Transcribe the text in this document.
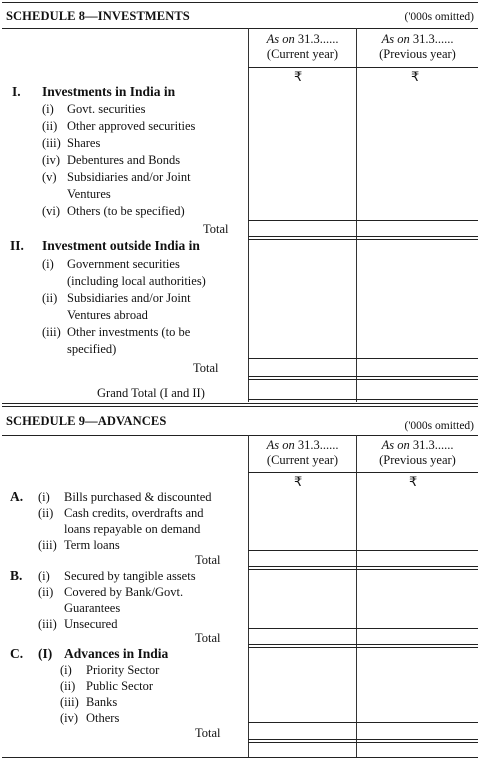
SCHEDULE 8—INVESTMENTS	('000s omitted)
As on 31.3......
(Current year)
As on 31.3......
(Previous year)
₹	₹
I. Investments in India in
(i) Govt. securities
(ii) Other approved securities
(iii) Shares
(iv) Debentures and Bonds
(v) Subsidiaries and/or Joint
Ventures
(vi) Others (to be specified)
Total
II. Investment outside India in
(i) Government securities
(including local authorities)
(ii) Subsidiaries and/or Joint
Ventures abroad
(iii) Other investments (to be
specified)
Total
Grand Total (I and II)
SCHEDULE 9—ADVANCES	('000s omitted)
As on 31.3......
(Current year)
As on 31.3......
(Previous year)
₹	₹
A. (i) Bills purchased & discounted
(ii) Cash credits, overdrafts and
loans repayable on demand
(iii) Term loans
Total
B. (i) Secured by tangible assets
(ii) Covered by Bank/Govt.
Guarantees
(iii) Unsecured
Total
C. (I) Advances in India
(i) Priority Sector
(ii) Public Sector
(iii) Banks
(iv) Others
Total
